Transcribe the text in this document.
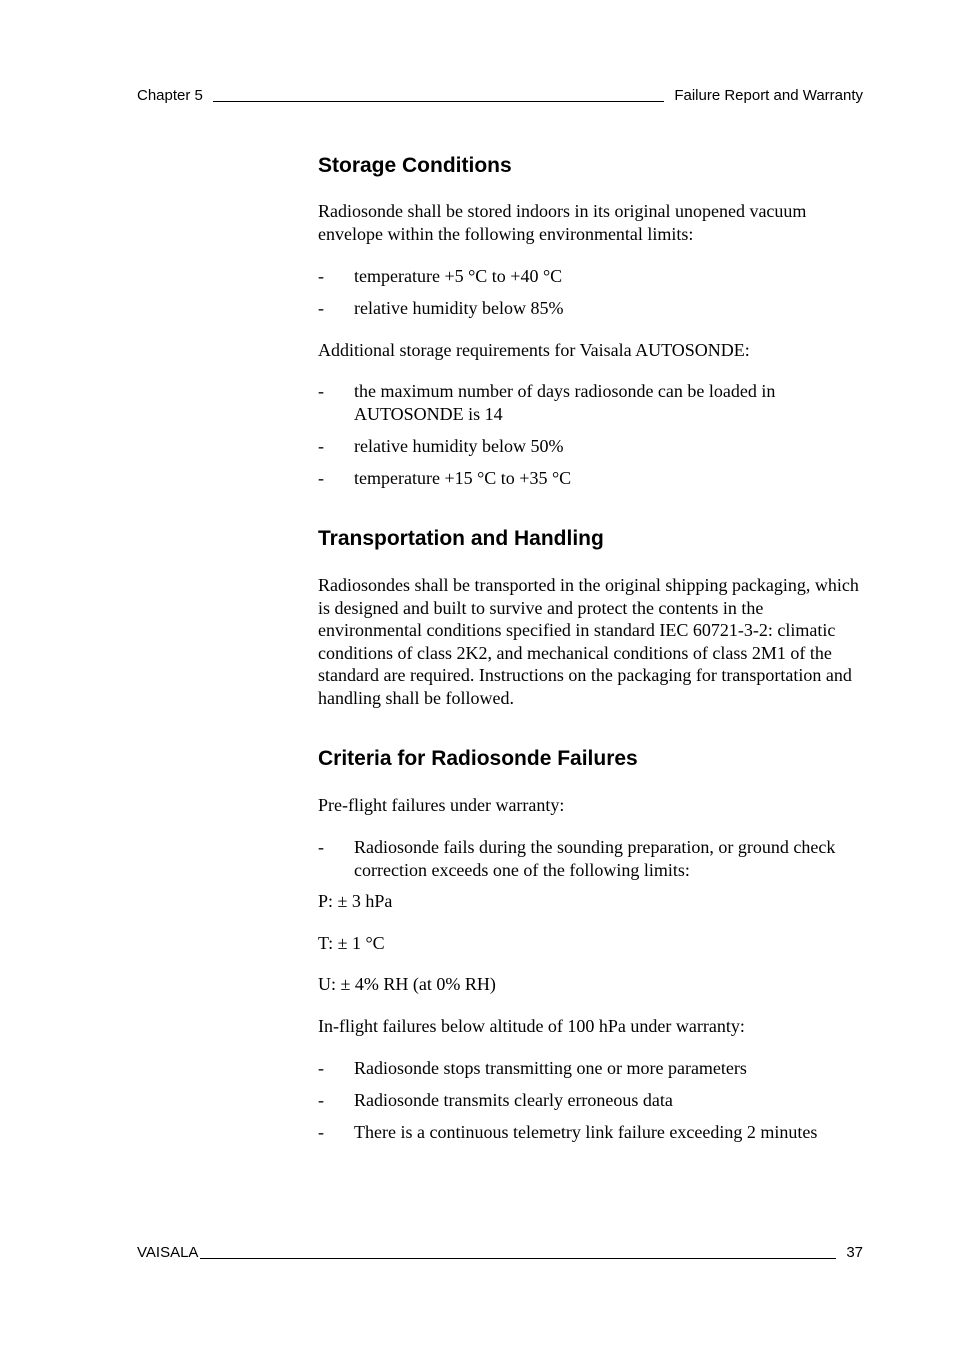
Chapter 5	Failure Report and Warranty
Storage Conditions

Radiosonde shall be stored indoors in its original unopened vacuum envelope within the following environmental limits:

- temperature +5 °C to +40 °C
- relative humidity below 85%

Additional storage requirements for Vaisala AUTOSONDE:

- the maximum number of days radiosonde can be loaded in AUTOSONDE is 14
- relative humidity below 50%
- temperature +15 °C to +35 °C
Transportation and Handling

Radiosondes shall be transported in the original shipping packaging, which is designed and built to survive and protect the contents in the environmental conditions specified in standard IEC 60721-3-2: climatic conditions of class 2K2, and mechanical conditions of class 2M1 of the standard are required. Instructions on the packaging for transportation and handling shall be followed.

Criteria for Radiosonde Failures

Pre-flight failures under warranty:

- Radiosonde fails during the sounding preparation, or ground check correction exceeds one of the following limits:

P: ± 3 hPa

T: ± 1 °C

U: ± 4% RH (at 0% RH)

In-flight failures below altitude of 100 hPa under warranty:

- Radiosonde stops transmitting one or more parameters
- Radiosonde transmits clearly erroneous data
- There is a continuous telemetry link failure exceeding 2 minutes
VAISALA	37
